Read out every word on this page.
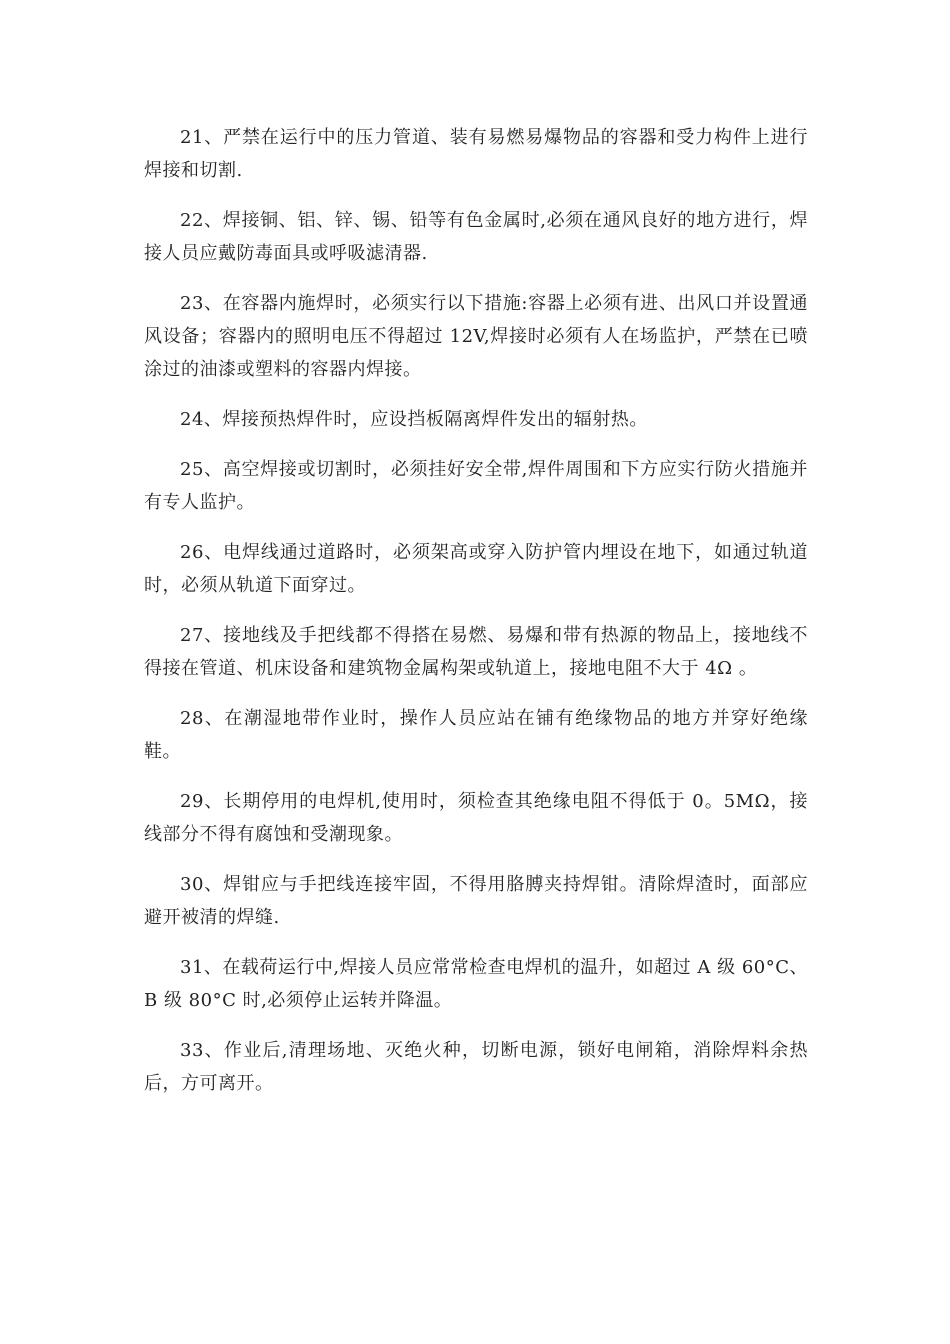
21、严禁在运行中的压力管道、装有易燃易爆物品的容器和受力构件上进行焊接和切割.

22、焊接铜、铝、锌、锡、铅等有色金属时,必须在通风良好的地方进行，焊接人员应戴防毒面具或呼吸滤清器.

23、在容器内施焊时，必须实行以下措施:容器上必须有进、出风口并设置通风设备；容器内的照明电压不得超过 12V,焊接时必须有人在场监护，严禁在已喷涂过的油漆或塑料的容器内焊接。

24、焊接预热焊件时，应设挡板隔离焊件发出的辐射热。

25、高空焊接或切割时，必须挂好安全带,焊件周围和下方应实行防火措施并有专人监护。

26、电焊线通过道路时，必须架高或穿入防护管内埋设在地下，如通过轨道时，必须从轨道下面穿过。

27、接地线及手把线都不得搭在易燃、易爆和带有热源的物品上，接地线不得接在管道、机床设备和建筑物金属构架或轨道上，接地电阻不大于 4Ω 。

28、在潮湿地带作业时，操作人员应站在铺有绝缘物品的地方并穿好绝缘鞋。

29、长期停用的电焊机,使用时，须检查其绝缘电阻不得低于 0。5MΩ，接线部分不得有腐蚀和受潮现象。

30、焊钳应与手把线连接牢固，不得用胳膊夹持焊钳。清除焊渣时，面部应避开被清的焊缝.

31、在载荷运行中,焊接人员应常常检查电焊机的温升，如超过 A 级 60°C、B 级 80°C 时,必须停止运转并降温。

33、作业后,清理场地、灭绝火种，切断电源，锁好电闸箱，消除焊料余热后，方可离开。
